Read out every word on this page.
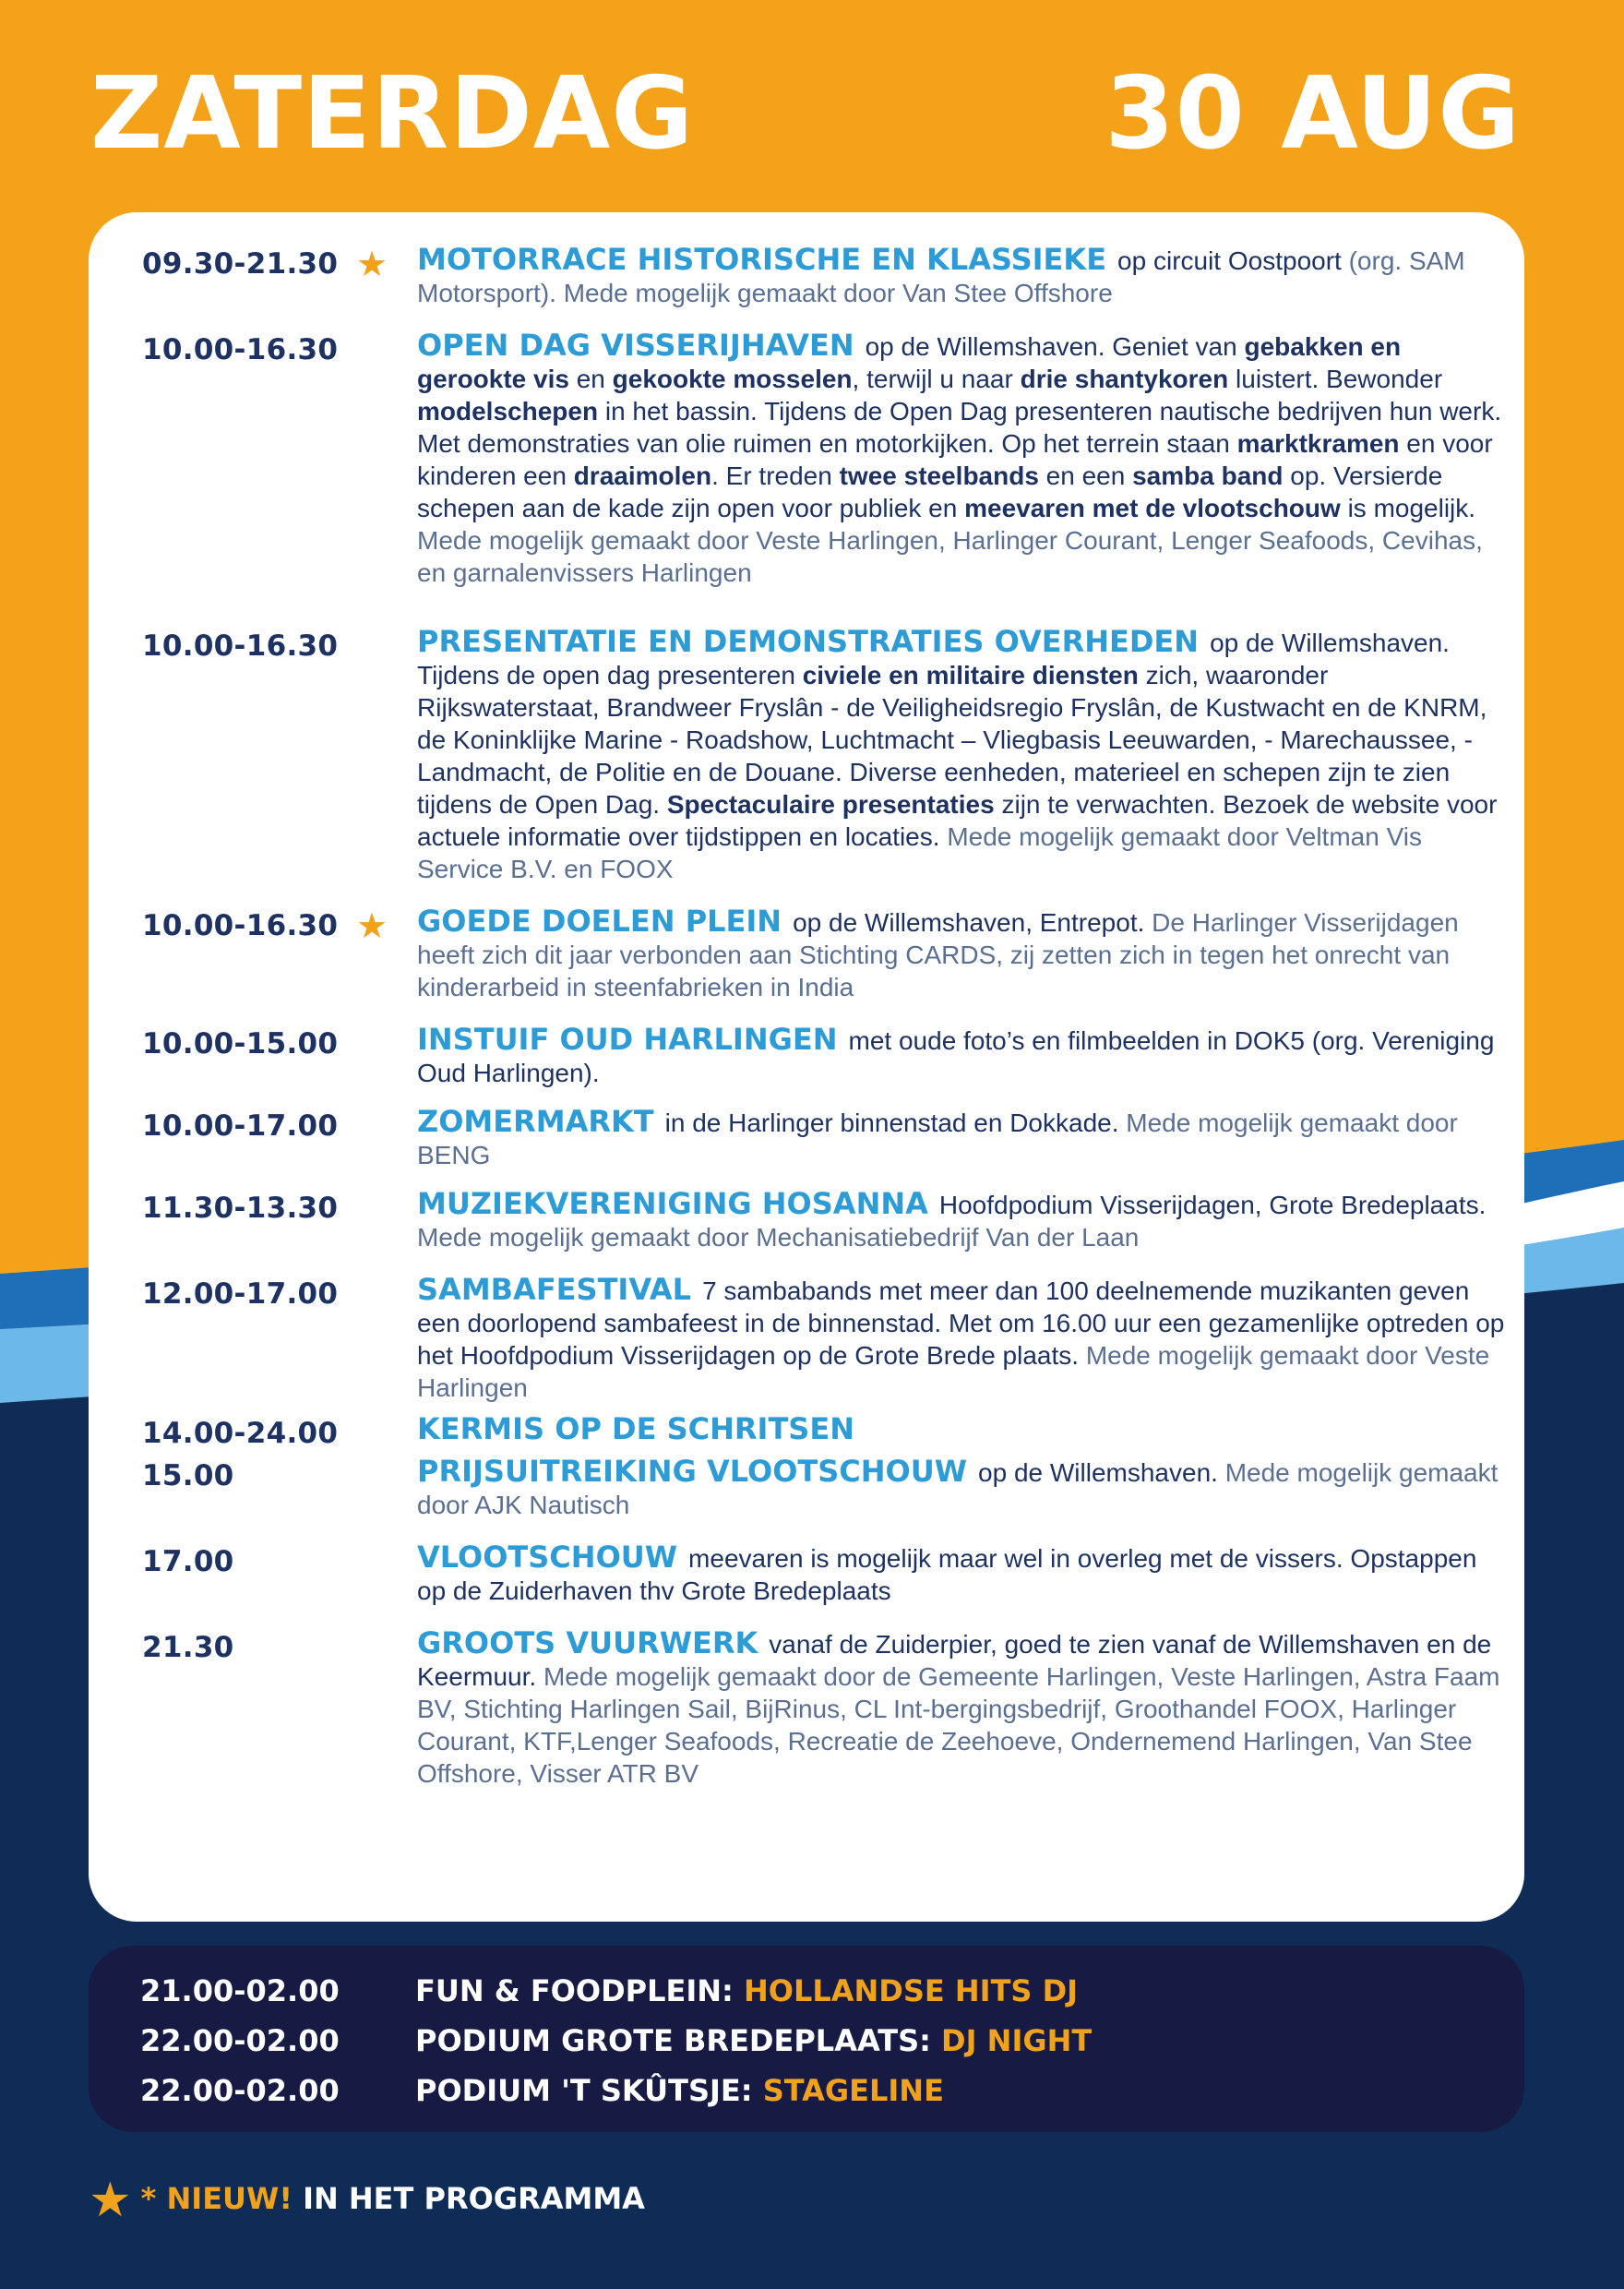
ZATERDAG	30 AUG
09.30-21.30 ★ MOTORRACE HISTORISCHE EN KLASSIEKE op circuit Oostpoort (org. SAM Motorsport). Mede mogelijk gemaakt door Van Stee Offshore
10.00-16.30	OPEN DAG VISSERIJHAVEN op de Willemshaven. Geniet van gebakken en gerookte vis en gekookte mosselen, terwijl u naar drie shantykoren luistert. Bewonder modelschepen in het bassin. Tijdens de Open Dag presenteren nautische bedrijven hun werk. Met demonstraties van olie ruimen en motorkijken. Op het terrein staan marktkramen en voor kinderen een draaimolen. Er treden twee steelbands en een samba band op. Versierde schepen aan de kade zijn open voor publiek en meevaren met de vlootschouw is mogelijk. Mede mogelijk gemaakt door Veste Harlingen, Harlinger Courant, Lenger Seafoods, Cevihas, en garnalenvissers Harlingen
10.00-16.30	PRESENTATIE EN DEMONSTRATIES OVERHEDEN op de Willemshaven. Tijdens de open dag presenteren civiele en militaire diensten zich, waaronder Rijkswaterstaat, Brandweer Fryslân - de Veiligheidsregio Fryslân, de Kustwacht en de KNRM, de Koninklijke Marine - Roadshow, Luchtmacht – Vliegbasis Leeuwarden, - Marechaussee, - Landmacht, de Politie en de Douane. Diverse eenheden, materieel en schepen zijn te zien tijdens de Open Dag. Spectaculaire presentaties zijn te verwachten. Bezoek de website voor actuele informatie over tijdstippen en locaties. Mede mogelijk gemaakt door Veltman Vis Service B.V. en FOOX
10.00-16.30 ★ GOEDE DOELEN PLEIN op de Willemshaven, Entrepot. De Harlinger Visserijdagen heeft zich dit jaar verbonden aan Stichting CARDS, zij zetten zich in tegen het onrecht van kinderarbeid in steenfabrieken in India
10.00-15.00	INSTUIF OUD HARLINGEN met oude foto’s en filmbeelden in DOK5 (org. Vereniging Oud Harlingen).
10.00-17.00	ZOMERMARKT in de Harlinger binnenstad en Dokkade. Mede mogelijk gemaakt door BENG
11.30-13.30	MUZIEKVERENIGING HOSANNA Hoofdpodium Visserijdagen, Grote Bredeplaats. Mede mogelijk gemaakt door Mechanisatiebedrijf Van der Laan
12.00-17.00	SAMBAFESTIVAL 7 sambabands met meer dan 100 deelnemende muzikanten geven een doorlopend sambafeest in de binnenstad. Met om 16.00 uur een gezamenlijke optreden op het Hoofdpodium Visserijdagen op de Grote Brede plaats. Mede mogelijk gemaakt door Veste Harlingen
14.00-24.00	KERMIS OP DE SCHRITSEN
15.00	PRIJSUITREIKING VLOOTSCHOUW op de Willemshaven. Mede mogelijk gemaakt door AJK Nautisch
17.00	VLOOTSCHOUW meevaren is mogelijk maar wel in overleg met de vissers. Opstappen op de Zuiderhaven thv Grote Bredeplaats
21.30	GROOTS VUURWERK vanaf de Zuiderpier, goed te zien vanaf de Willemshaven en de Keermuur. Mede mogelijk gemaakt door de Gemeente Harlingen, Veste Harlingen, Astra Faam BV, Stichting Harlingen Sail, BijRinus, CL Int-bergingsbedrijf, Groothandel FOOX, Harlinger Courant, KTF,Lenger Seafoods, Recreatie de Zeehoeve, Ondernemend Harlingen, Van Stee Offshore, Visser ATR BV
21.00-02.00	FUN & FOODPLEIN: HOLLANDSE HITS DJ
22.00-02.00	PODIUM GROTE BREDEPLAATS: DJ NIGHT
22.00-02.00	PODIUM 'T SKÛTSJE: STAGELINE
★ * NIEUW! IN HET PROGRAMMA
